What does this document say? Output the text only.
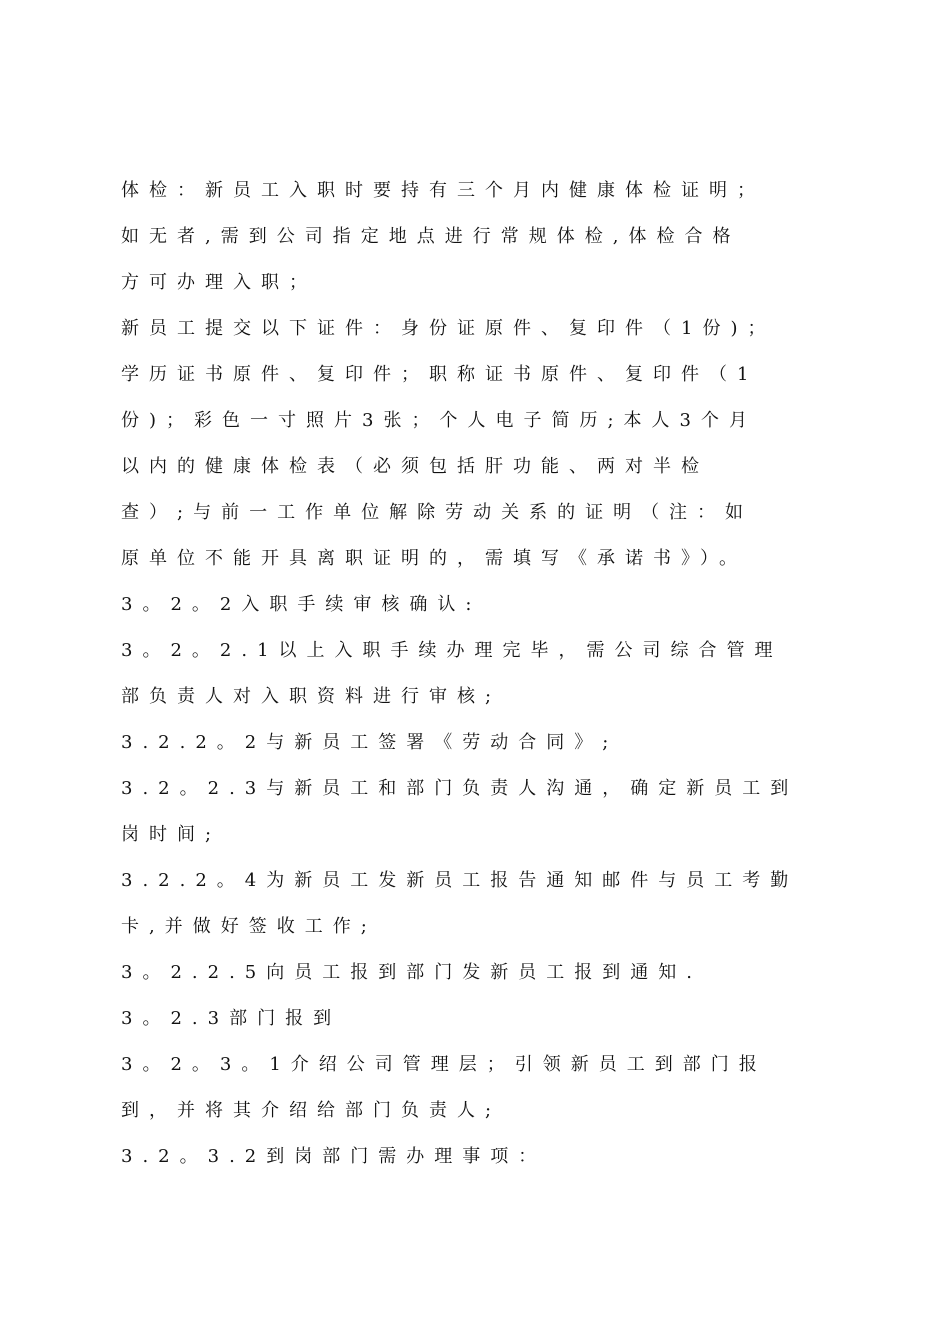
体检：新员工入职时要持有三个月内健康体检证明；
如无者,需到公司指定地点进行常规体检,体检合格
方可办理入职；
新员工提交以下证件：身份证原件、复印件（1份)；
学历证书原件、复印件；职称证书原件、复印件（1
份)；彩色一寸照片3张；个人电子简历;本人3个月
以内的健康体检表（必须包括肝功能、两对半检
查）;与前一工作单位解除劳动关系的证明（注：如
原单位不能开具离职证明的，需填写《承诺书》）。
3。2。2入职手续审核确认:
3。2。2.1以上入职手续办理完毕，需公司综合管理
部负责人对入职资料进行审核;
3.2.2。2与新员工签署《劳动合同》;
3.2。2.3与新员工和部门负责人沟通，确定新员工到
岗时间;
3.2.2。4为新员工发新员工报告通知邮件与员工考勤
卡,并做好签收工作;
3。2.2.5向员工报到部门发新员工报到通知.
3。2.3部门报到
3。2。3。1介绍公司管理层；引领新员工到部门报
到，并将其介绍给部门负责人;
3.2。3.2到岗部门需办理事项：
